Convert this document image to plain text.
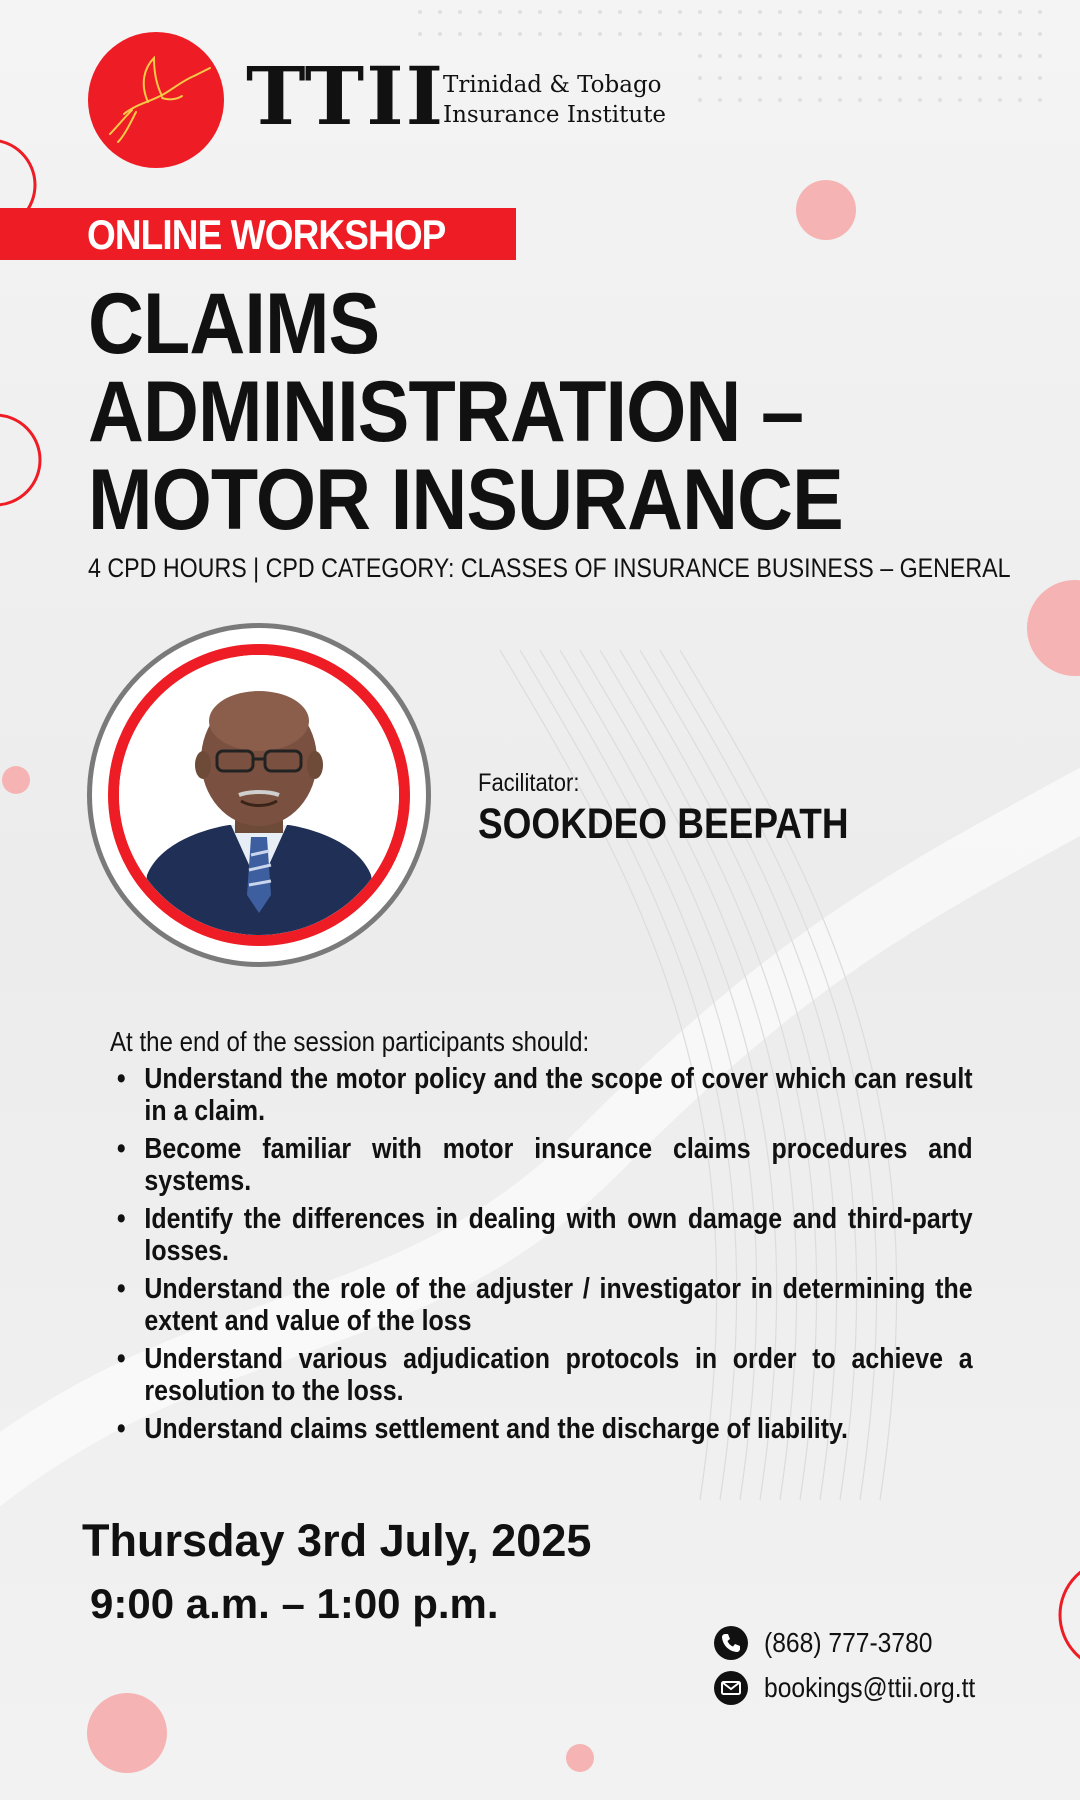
TTII
Trinidad & Tobago
Insurance Institute
ONLINE WORKSHOP
CLAIMS
ADMINISTRATION –
MOTOR INSURANCE
4 CPD HOURS | CPD CATEGORY: CLASSES OF INSURANCE BUSINESS – GENERAL
Facilitator:
SOOKDEO BEEPATH
At the end of the session participants should:
• Understand the motor policy and the scope of cover which can result in a claim.
• Become familiar with motor insurance claims procedures and systems.
• Identify the differences in dealing with own damage and third-party losses.
• Understand the role of the adjuster / investigator in determining the extent and value of the loss
• Understand various adjudication protocols in order to achieve a resolution to the loss.
• Understand claims settlement and the discharge of liability.
Thursday 3rd July, 2025
9:00 a.m. – 1:00 p.m.
(868) 777-3780
bookings@ttii.org.tt
